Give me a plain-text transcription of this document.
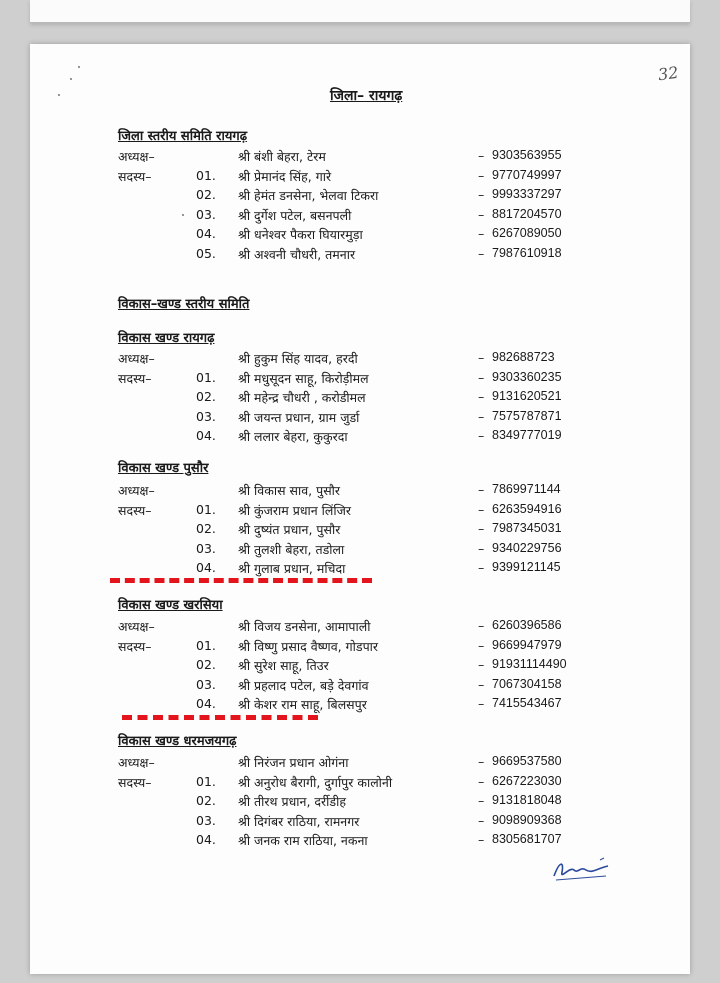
32
जिला– रायगढ़
जिला स्तरीय समिति रायगढ़
अध्यक्ष–	श्री बंशी बेहरा, टेरम	– 9303563955
सदस्य–	01. श्री प्रेमानंद सिंह, गारे	– 9770749997
02. श्री हेमंत डनसेना, भेलवा टिकरा	– 9993337297
03. श्री दुर्गेश पटेल, बसनपली	– 8817204570
04. श्री धनेश्वर पैकरा घियारमुड़ा	– 6267089050
05. श्री अश्वनी चौधरी, तमनार	– 7987610918
विकास–खण्ड स्तरीय समिति
विकास खण्ड रायगढ़
अध्यक्ष–	श्री हुकुम सिंह यादव, हरदी	– 982688723
सदस्य–	01. श्री मधुसूदन साहू, किरोड़ीमल	– 9303360235
02. श्री महेन्द्र चौधरी , करोडीमल	– 9131620521
03. श्री जयन्त प्रधान, ग्राम जुर्डा	– 7575787871
04. श्री ललार बेहरा, कुकुरदा	– 8349777019
विकास खण्ड पुसौर
अध्यक्ष–	श्री विकास साव, पुसौर	– 7869971144
सदस्य–	01. श्री कुंजराम प्रधान लिंजिर	– 6263594916
02. श्री दुष्यंत प्रधान, पुसौर	– 7987345031
03. श्री तुलशी बेहरा, तडोला	– 9340229756
04. श्री गुलाब प्रधान, मचिदा	– 9399121145
विकास खण्ड खरसिया
अध्यक्ष–	श्री विजय डनसेना, आमापाली	– 6260396586
सदस्य–	01. श्री विष्णु प्रसाद वैष्णव, गोडपार	– 9669947979
02. श्री सुरेश साहू, तिउर	– 91931114490
03. श्री प्रहलाद पटेल, बड़े देवगांव	– 7067304158
04. श्री केशर राम साहू, बिलसपुर	– 7415543467
विकास खण्ड धरमजयगढ़
अध्यक्ष–	श्री निरंजन प्रधान ओगंना	– 9669537580
सदस्य–	01. श्री अनुरोध बैरागी, दुर्गापुर कालोनी	– 6267223030
02. श्री तीरथ प्रधान, दर्रीडीह	– 9131818048
03. श्री दिगंबर राठिया, रामनगर	– 9098909368
04. श्री जनक राम राठिया, नकना	– 8305681707
